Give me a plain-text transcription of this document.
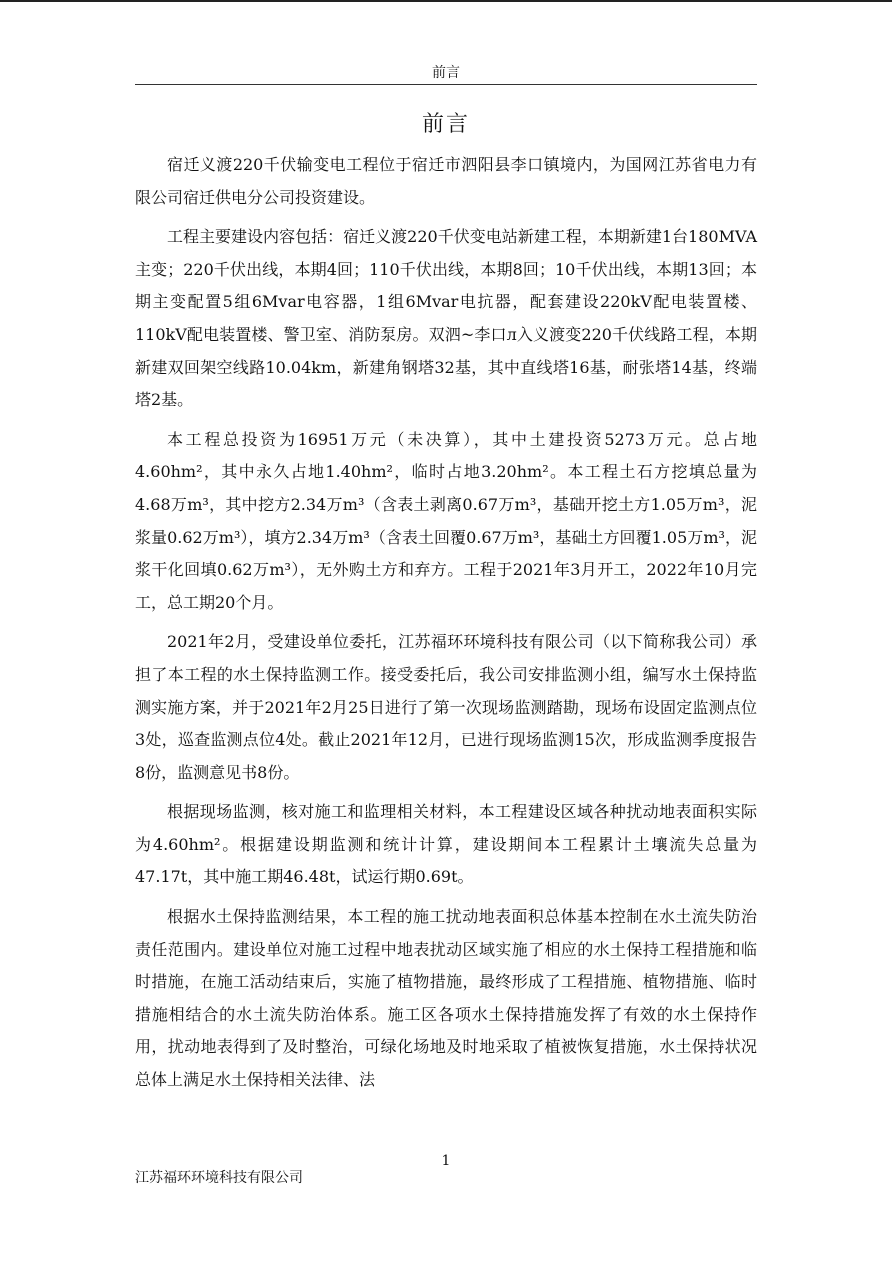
前言
前言

宿迁义渡220千伏输变电工程位于宿迁市泗阳县李口镇境内，为国网江苏省电力有限公司宿迁供电分公司投资建设。

工程主要建设内容包括：宿迁义渡220千伏变电站新建工程，本期新建1台180MVA主变；220千伏出线，本期4回；110千伏出线，本期8回；10千伏出线，本期13回；本期主变配置5组6Mvar电容器，1组6Mvar电抗器，配套建设220kV配电装置楼、110kV配电装置楼、警卫室、消防泵房。双泗~李口л入义渡变220千伏线路工程，本期新建双回架空线路10.04km，新建角钢塔32基，其中直线塔16基，耐张塔14基，终端塔2基。

本工程总投资为16951万元（未决算），其中土建投资5273万元。总占地4.60hm²，其中永久占地1.40hm²，临时占地3.20hm²。本工程土石方挖填总量为4.68万m³，其中挖方2.34万m³（含表土剥离0.67万m³，基础开挖土方1.05万m³，泥浆量0.62万m³），填方2.34万m³（含表土回覆0.67万m³，基础土方回覆1.05万m³，泥浆干化回填0.62万m³），无外购土方和弃方。工程于2021年3月开工，2022年10月完工，总工期20个月。

2021年2月，受建设单位委托，江苏福环环境科技有限公司（以下简称我公司）承担了本工程的水土保持监测工作。接受委托后，我公司安排监测小组，编写水土保持监测实施方案，并于2021年2月25日进行了第一次现场监测踏勘，现场布设固定监测点位3处，巡查监测点位4处。截止2021年12月，已进行现场监测15次，形成监测季度报告8份，监测意见书8份。

根据现场监测，核对施工和监理相关材料，本工程建设区域各种扰动地表面积实际为4.60hm²。根据建设期监测和统计计算，建设期间本工程累计土壤流失总量为47.17t，其中施工期46.48t，试运行期0.69t。

根据水土保持监测结果，本工程的施工扰动地表面积总体基本控制在水土流失防治责任范围内。建设单位对施工过程中地表扰动区域实施了相应的水土保持工程措施和临时措施，在施工活动结束后，实施了植物措施，最终形成了工程措施、植物措施、临时措施相结合的水土流失防治体系。施工区各项水土保持措施发挥了有效的水土保持作用，扰动地表得到了及时整治，可绿化场地及时地采取了植被恢复措施，水土保持状况总体上满足水土保持相关法律、法

1
江苏福环环境科技有限公司
